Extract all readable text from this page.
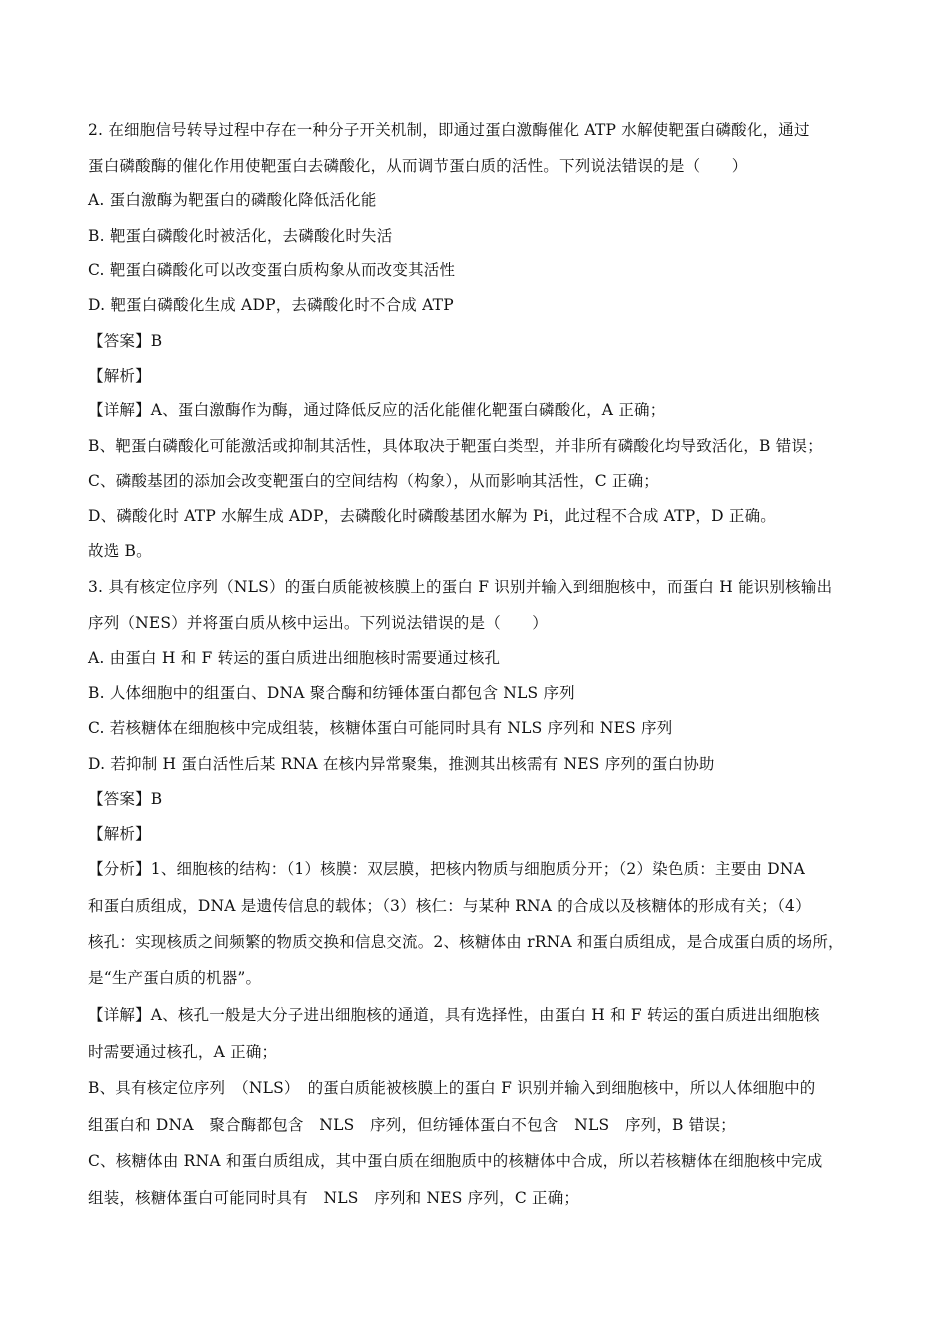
2. 在细胞信号转导过程中存在一种分子开关机制，即通过蛋白激酶催化 ATP 水解使靶蛋白磷酸化，通过
蛋白磷酸酶的催化作用使靶蛋白去磷酸化，从而调节蛋白质的活性。下列说法错误的是（　　）
A. 蛋白激酶为靶蛋白的磷酸化降低活化能
B. 靶蛋白磷酸化时被活化，去磷酸化时失活
C. 靶蛋白磷酸化可以改变蛋白质构象从而改变其活性
D. 靶蛋白磷酸化生成 ADP，去磷酸化时不合成 ATP
【答案】B
【解析】
【详解】A、蛋白激酶作为酶，通过降低反应的活化能催化靶蛋白磷酸化，A 正确；
B、靶蛋白磷酸化可能激活或抑制其活性，具体取决于靶蛋白类型，并非所有磷酸化均导致活化，B 错误；
C、磷酸基团的添加会改变靶蛋白的空间结构（构象），从而影响其活性，C 正确；
D、磷酸化时 ATP 水解生成 ADP，去磷酸化时磷酸基团水解为 Pi，此过程不合成 ATP，D 正确。
故选 B。
3. 具有核定位序列（NLS）的蛋白质能被核膜上的蛋白 F 识别并输入到细胞核中，而蛋白 H 能识别核输出
序列（NES）并将蛋白质从核中运出。下列说法错误的是（　　）
A. 由蛋白 H 和 F 转运的蛋白质进出细胞核时需要通过核孔
B. 人体细胞中的组蛋白、DNA 聚合酶和纺锤体蛋白都包含 NLS 序列
C. 若核糖体在细胞核中完成组装，核糖体蛋白可能同时具有 NLS 序列和 NES 序列
D. 若抑制 H 蛋白活性后某 RNA 在核内异常聚集，推测其出核需有 NES 序列的蛋白协助
【答案】B
【解析】
【分析】1、细胞核的结构：（1）核膜：双层膜，把核内物质与细胞质分开；（2）染色质：主要由 DNA
和蛋白质组成，DNA 是遗传信息的载体；（3）核仁：与某种 RNA 的合成以及核糖体的形成有关；（4）
核孔：实现核质之间频繁的物质交换和信息交流。2、核糖体由 rRNA 和蛋白质组成，是合成蛋白质的场所，
是“生产蛋白质的机器”。
【详解】A、核孔一般是大分子进出细胞核的通道，具有选择性，由蛋白 H 和 F 转运的蛋白质进出细胞核
时需要通过核孔，A 正确；
B、具有核定位序列　（NLS）　的蛋白质能被核膜上的蛋白 F 识别并输入到细胞核中，所以人体细胞中的
组蛋白和 DNA　聚合酶都包含　NLS　序列，但纺锤体蛋白不包含　NLS　序列，B 错误；
C、核糖体由 RNA 和蛋白质组成，其中蛋白质在细胞质中的核糖体中合成，所以若核糖体在细胞核中完成
组装，核糖体蛋白可能同时具有　NLS　序列和 NES 序列，C 正确；
